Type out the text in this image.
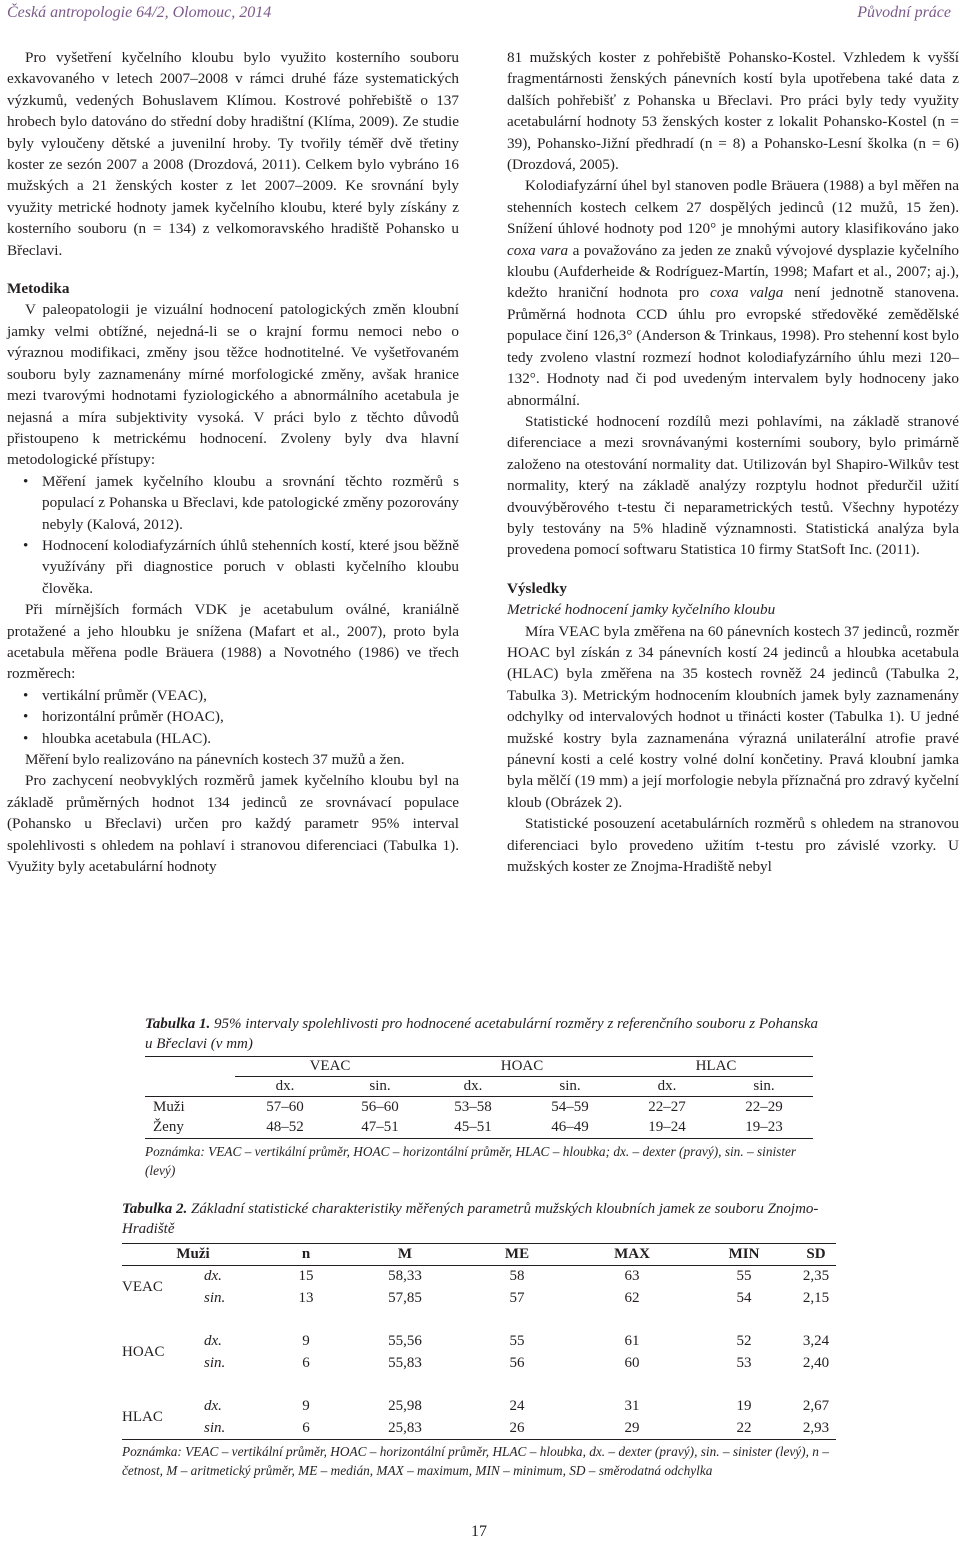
Česká antropologie 64/2, Olomouc, 2014	Původní práce

Pro vyšetření kyčelního kloubu bylo využito kosterního souboru exkavovaného v letech 2007–2008 v rámci druhé fáze systematických výzkumů, vedených Bohuslavem Klímou. Kostrové pohřebiště o 137 hrobech bylo datováno do střední doby hradištní (Klíma, 2009). Ze studie byly vyloučeny dětské a juvenilní hroby. Ty tvořily téměř dvě třetiny koster ze sezón 2007 a 2008 (Drozdová, 2011). Celkem bylo vybráno 16 mužských a 21 ženských koster z let 2007–2009. Ke srovnání byly využity metrické hodnoty jamek kyčelního kloubu, které byly získány z kosterního souboru (n = 134) z velkomoravského hradiště Pohansko u Břeclavi.

Metodika

V paleopatologii je vizuální hodnocení patologických změn kloubní jamky velmi obtížné, nejedná-li se o krajní formu nemoci nebo o výraznou modifikaci, změny jsou těžce hodnotitelné. Ve vyšetřovaném souboru byly zaznamenány mírné morfologické změny, avšak hranice mezi tvarovými hodnotami fyziologického a abnormálního acetabula je nejasná a míra subjektivity vysoká. V práci bylo z těchto důvodů přistoupeno k metrickému hodnocení. Zvoleny byly dva hlavní metodologické přístupy:

• Měření jamek kyčelního kloubu a srovnání těchto rozměrů s populací z Pohanska u Břeclavi, kde patologické změny pozorovány nebyly (Kalová, 2012).
• Hodnocení kolodiafyzárních úhlů stehenních kostí, které jsou běžně využívány při diagnostice poruch v oblasti kyčelního kloubu člověka.

Při mírnějších formách VDK je acetabulum oválné, kraniálně protažené a jeho hloubku je snížena (Mafart et al., 2007), proto byla acetabula měřena podle Bräuera (1988) a Novotného (1986) ve třech rozměrech:

• vertikální průměr (VEAC),
• horizontální průměr (HOAC),
• hloubka acetabula (HLAC).

Měření bylo realizováno na pánevních kostech 37 mužů a žen.

Pro zachycení neobvyklých rozměrů jamek kyčelního kloubu byl na základě průměrných hodnot 134 jedinců ze srovnávací populace (Pohansko u Břeclavi) určen pro každý parametr 95% interval spolehlivosti s ohledem na pohlaví i stranovou diferenciaci (Tabulka 1). Využity byly acetabulární hodnoty

81 mužských koster z pohřebiště Pohansko-Kostel. Vzhledem k vyšší fragmentárnosti ženských pánevních kostí byla upotřebena také data z dalších pohřebišť z Pohanska u Břeclavi. Pro práci byly tedy využity acetabulární hodnoty 53 ženských koster z lokalit Pohansko-Kostel (n = 39), Pohansko-Jižní předhradí (n = 8) a Pohansko-Lesní školka (n = 6) (Drozdová, 2005).

Kolodiafyzární úhel byl stanoven podle Bräuera (1988) a byl měřen na stehenních kostech celkem 27 dospělých jedinců (12 mužů, 15 žen). Snížení úhlové hodnoty pod 120° je mnohými autory klasifikováno jako coxa vara a považováno za jeden ze znaků vývojové dysplazie kyčelního kloubu (Aufderheide & Rodríguez-Martín, 1998; Mafart et al., 2007; aj.), kdežto hraniční hodnota pro coxa valga není jednotně stanovena. Průměrná hodnota CCD úhlu pro evropské středověké zemědělské populace činí 126,3° (Anderson & Trinkaus, 1998). Pro stehenní kost bylo tedy zvoleno vlastní rozmezí hodnot kolodiafyzárního úhlu mezi 120–132°. Hodnoty nad či pod uvedeným intervalem byly hodnoceny jako abnormální.

Statistické hodnocení rozdílů mezi pohlavími, na základě stranové diferenciace a mezi srovnávanými kosterními soubory, bylo primárně založeno na otestování normality dat. Utilizován byl Shapiro-Wilkův test normality, který na základě analýzy rozptylu hodnot předurčil užití dvouvýběrového t-testu či neparametrických testů. Všechny hypotézy byly testovány na 5% hladině významnosti. Statistická analýza byla provedena pomocí softwaru Statistica 10 firmy StatSoft Inc. (2011).

Výsledky
Metrické hodnocení jamky kyčelního kloubu

Míra VEAC byla změřena na 60 pánevních kostech 37 jedinců, rozměr HOAC byl získán z 34 pánevních kostí 24 jedinců a hloubka acetabula (HLAC) byla změřena na 35 kostech rovněž 24 jedinců (Tabulka 2, Tabulka 3). Metrickým hodnocením kloubních jamek byly zaznamenány odchylky od intervalových hodnot u třinácti koster (Tabulka 1). U jedné mužské kostry byla zaznamenána výrazná unilaterální atrofie pravé pánevní kosti a celé kostry volné dolní končetiny. Pravá kloubní jamka byla mělčí (19 mm) a její morfologie nebyla příznačná pro zdravý kyčelní kloub (Obrázek 2).

Statistické posouzení acetabulárních rozměrů s ohledem na stranovou diferenciaci bylo provedeno užitím t-testu pro závislé vzorky. U mužských koster ze Znojma-Hradiště nebyl

Tabulka 1. 95% intervaly spolehlivosti pro hodnocené acetabulární rozměry z referenčního souboru z Pohanska u Břeclavi (v mm)
	VEAC		HOAC		HLAC	
	dx.	sin.	dx.	sin.	dx.	sin.
Muži	57–60	56–60	53–58	54–59	22–27	22–29
Ženy	48–52	47–51	45–51	46–49	19–24	19–23
Poznámka: VEAC – vertikální průměr, HOAC – horizontální průměr, HLAC – hloubka; dx. – dexter (pravý), sin. – sinister (levý)
Tabulka 2. Základní statistické charakteristiky měřených parametrů mužských kloubních jamek ze souboru Znojmo-Hradiště
Muži		n	M	ME	MAX	MIN	SD
VEAC	dx.	15	58,33	58	63	55	2,35
	sin.	13	57,85	57	62	54	2,15

HOAC	dx.	9	55,56	55	61	52	3,24
	sin.	6	55,83	56	60	53	2,40

HLAC	dx.	9	25,98	24	31	19	2,67
	sin.	6	25,83	26	29	22	2,93
Poznámka: VEAC – vertikální průměr, HOAC – horizontální průměr, HLAC – hloubka, dx. – dexter (pravý), sin. – sinister (levý), n – četnost, M – aritmetický průměr, ME – medián, MAX – maximum, MIN – minimum, SD – směrodatná odchylka
17
